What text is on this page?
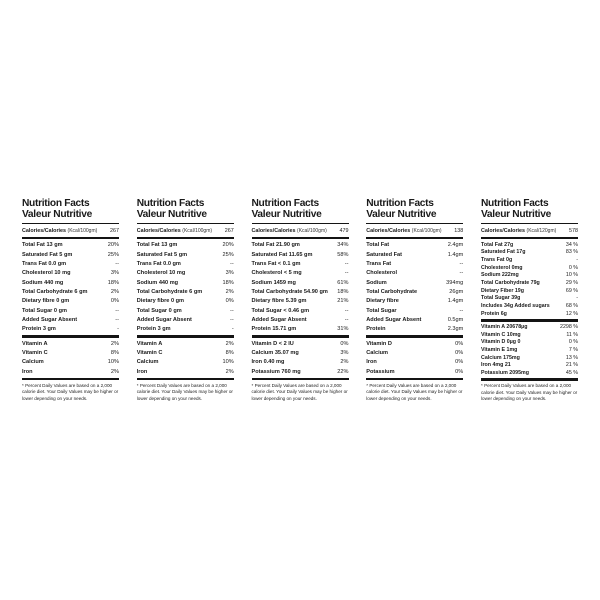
Nutrition Facts
Valeur Nutritive
Calories/Calories (Kcal/100gm) 267
Total Fat 13 gm	20%
Saturated Fat 5 gm	25%
Trans Fat 0.0 gm	--
Cholesterol 10 mg	3%
Sodium 440 mg	18%
Total Carbohydrate 6 gm	2%
Dietary fibre 0 gm	0%
Total Sugar 0 gm	--
Added Sugar Absent	--
Protein 3 gm	-
Vitamin A	2%
Vitamin C	8%
Calcium	10%
Iron	2%
* Percent Daily Values are based on a 2,000 calorie diet. Your Daily Values may be higher or lower depending on your needs.
Nutrition Facts
Valeur Nutritive
Calories/Calories (Kcal/100gm) 267
Total Fat 13 gm	20%
Saturated Fat 5 gm	25%
Trans Fat 0.0 gm	--
Cholesterol 10 mg	3%
Sodium 440 mg	18%
Total Carbohydrate 6 gm	2%
Dietary fibre 0 gm	0%
Total Sugar 0 gm	--
Added Sugar Absent	--
Protein 3 gm	-
Vitamin A	2%
Vitamin C	8%
Calcium	10%
Iron	2%
* Percent Daily Values are based on a 2,000 calorie diet. Your Daily Values may be higher or lower depending on your needs.
Nutrition Facts
Valeur Nutritive
Calories/Calories (Kcal/100gm) 479
Total Fat 21.90 gm	34%
Saturated Fat 11.65 gm	58%
Trans Fat < 0.1 gm	--
Cholesterol < 5 mg	--
Sodium 1459 mg	61%
Total Carbohydrate 54.90 gm 18%
Dietary fibre 5.39 gm	21%
Total Sugar < 0.46 gm	--
Added Sugar Absent	--
Protein 15.71 gm	31%
Vitamin D < 2 IU	0%
Calcium 35.07 mg	3%
Iron 0.40 mg	2%
Potassium 760 mg	22%
* Percent Daily Values are based on a 2,000 calorie diet. Your Daily Values may be higher or lower depending on your needs.
Nutrition Facts
Valeur Nutritive
Calories/Calories (Kcal/100gm) 138
Total Fat	2.4gm
Saturated Fat	1.4gm
Trans Fat	--
Cholesterol	--
Sodium	394mg
Total Carbohydrate	26gm
Dietary fibre	1.4gm
Total Sugar	--
Added Sugar Absent	0.5gm
Protein	2.3gm
Vitamin D	0%
Calcium	0%
Iron	0%
Potassium	0%
* Percent Daily Values are based on a 2,000 calorie diet. Your Daily Values may be higher or lower depending on your needs.
Nutrition Facts
Valeur Nutritive
Calories/Calories (Kcal/120gm) 578
Total Fat 27g	34 %
Saturated Fat 17g	83 %
Trans Fat 0g	-
Cholesterol 0mg	0 %
Sodium 222mg	10 %
Total Carbohydrate 79g	29 %
Dietary Fiber 19g	69 %
Total Sugar 39g	-
Includes 34g Added sugars	68 %
Protein 6g	12 %
Vitamin A 20678µg	2298 %
Vitamin C 10mg	11 %
Vitamin D 0µg 0	0 %
Vitamin E 1mg	7 %
Calcium 175mg	13 %
Iron 4mg 21	21 %
Potassium 2095mg	45 %
* Percent Daily Values are based on a 2,000 calorie diet. Your Daily Values may be higher or lower depending on your needs.
